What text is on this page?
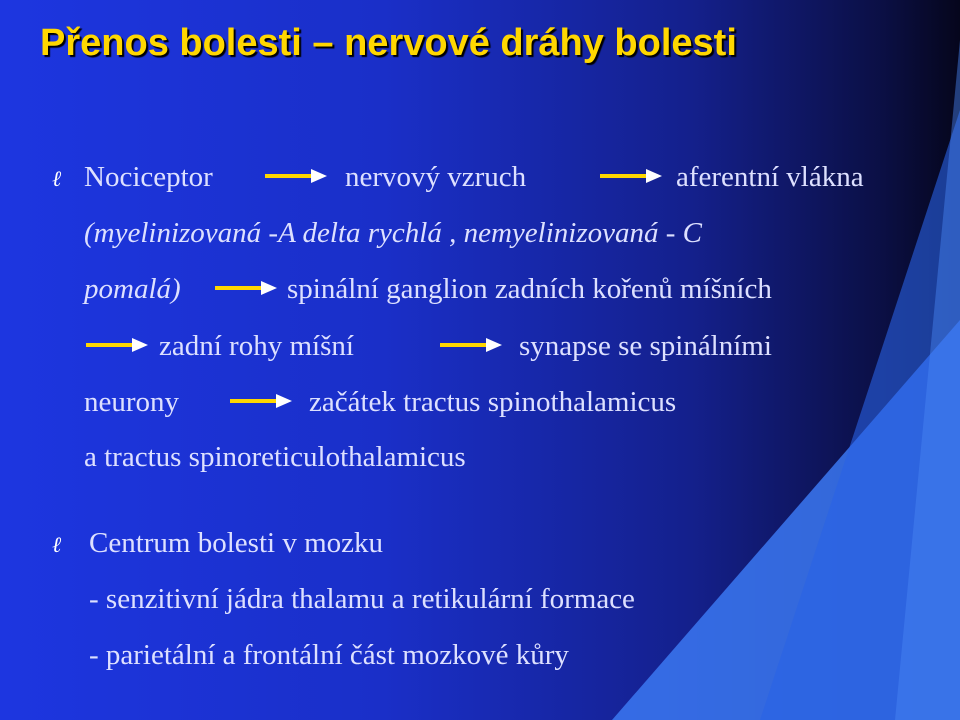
Přenos bolesti – nervové dráhy bolesti
ℓ Nociceptor	nervový vzruch	aferentní vlákna
(myelinizovaná -A delta rychlá , nemyelinizovaná - C
pomalá)	spinální ganglion zadních kořenů míšních
zadní rohy míšní	synapse se spinálními
neurony	začátek tractus spinothalamicus
a tractus spinoreticulothalamicus
ℓ Centrum bolesti v mozku
- senzitivní jádra thalamu a retikulární formace
- parietální a frontální část mozkové kůry
